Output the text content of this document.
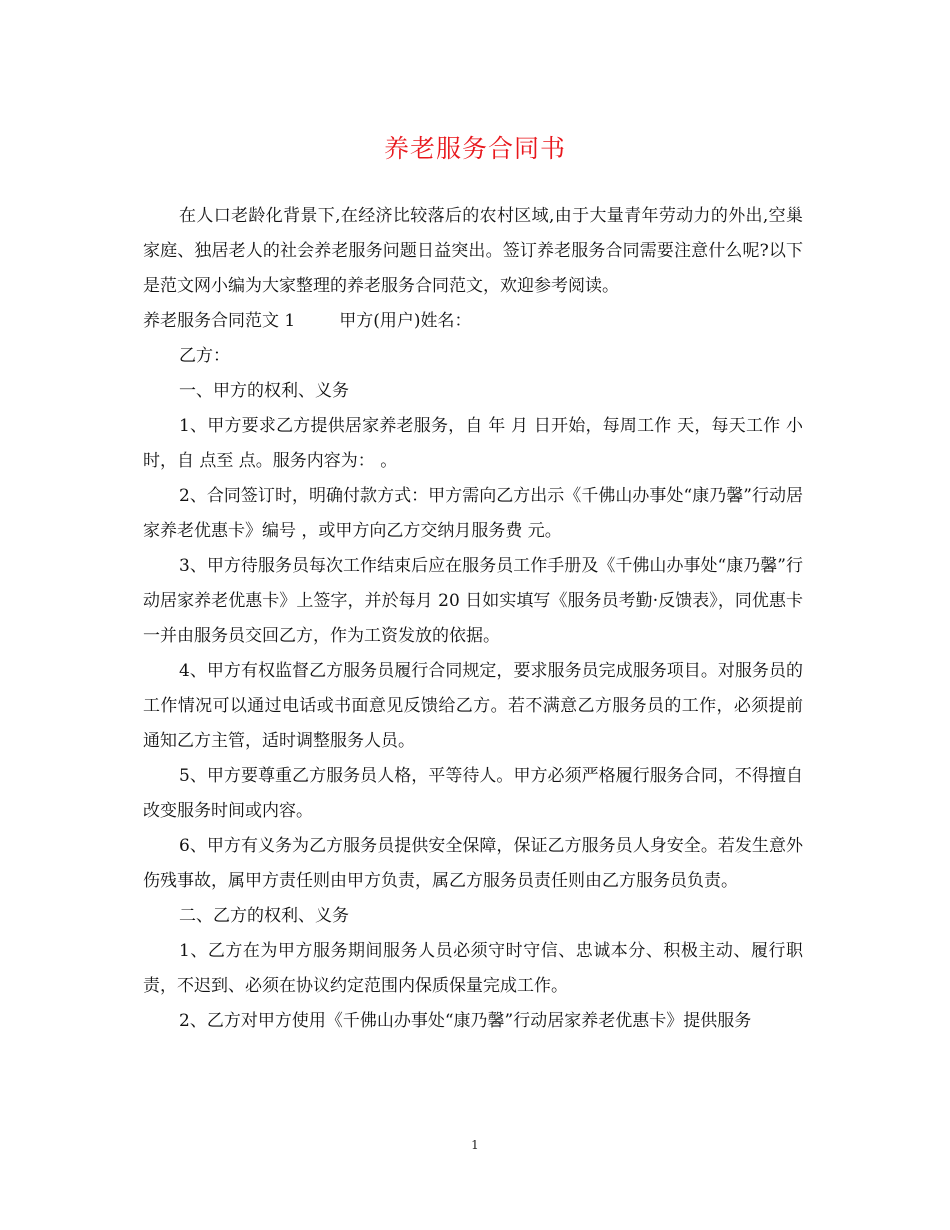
养老服务合同书

在人口老龄化背景下,在经济比较落后的农村区域,由于大量青年劳动力的外出,空巢家庭、独居老人的社会养老服务问题日益突出。签订养老服务合同需要注意什么呢?以下是范文网小编为大家整理的养老服务合同范文，欢迎参考阅读。

养老服务合同范文 1	甲方(用户)姓名：

乙方：

一、甲方的权利、义务

1、甲方要求乙方提供居家养老服务，自 年 月 日开始，每周工作 天，每天工作 小时，自 点至 点。服务内容为： 。

2、合同签订时，明确付款方式：甲方需向乙方出示《千佛山办事处“康乃馨”行动居家养老优惠卡》编号 ，或甲方向乙方交纳月服务费 元。

3、甲方待服务员每次工作结束后应在服务员工作手册及《千佛山办事处“康乃馨”行动居家养老优惠卡》上签字，并於每月 20 日如实填写《服务员考勤·反馈表》，同优惠卡一并由服务员交回乙方，作为工资发放的依据。

4、甲方有权监督乙方服务员履行合同规定，要求服务员完成服务项目。对服务员的工作情况可以通过电话或书面意见反馈给乙方。若不满意乙方服务员的工作，必须提前通知乙方主管，适时调整服务人员。

5、甲方要尊重乙方服务员人格，平等待人。甲方必须严格履行服务合同，不得擅自改变服务时间或内容。

6、甲方有义务为乙方服务员提供安全保障，保证乙方服务员人身安全。若发生意外伤残事故，属甲方责任则由甲方负责，属乙方服务员责任则由乙方服务员负责。

二、乙方的权利、义务

1、乙方在为甲方服务期间服务人员必须守时守信、忠诚本分、积极主动、履行职责，不迟到、必须在协议约定范围内保质保量完成工作。

2、乙方对甲方使用《千佛山办事处“康乃馨”行动居家养老优惠卡》提供服务

1
